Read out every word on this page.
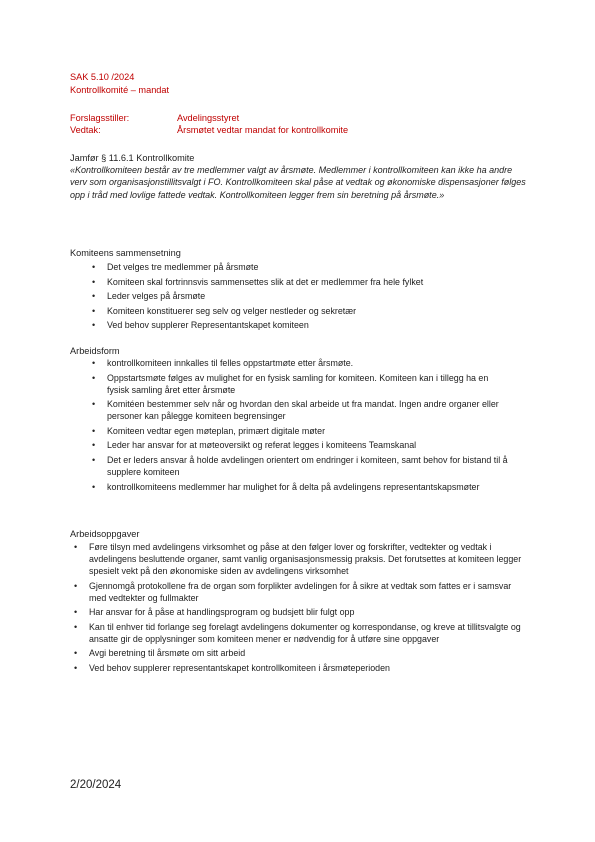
SAK 5.10 /2024
Kontrollkomité – mandat
Forslagsstiller:	Avdelingsstyret
Vedtak:	Årsmøtet vedtar mandat for kontrollkomite
Jamfør § 11.6.1 Kontrollkomite
«Kontrollkomiteen består av tre medlemmer valgt av årsmøte. Medlemmer i kontrollkomiteen kan ikke ha andre verv som organisasjonstillitsvalgt i FO. Kontrollkomiteen skal påse at vedtak og økonomiske dispensasjoner følges opp i tråd med lovlige fattede vedtak. Kontrollkomiteen legger frem sin beretning på årsmøte.»
Komiteens sammensetning
• Det velges tre medlemmer på årsmøte
• Komiteen skal fortrinnsvis sammensettes slik at det er medlemmer fra hele fylket
• Leder velges på årsmøte
• Komiteen konstituerer seg selv og velger nestleder og sekretær
• Ved behov supplerer Representantskapet komiteen
Arbeidsform
• kontrollkomiteen innkalles til felles oppstartmøte etter årsmøte.
• Oppstartsmøte følges av mulighet for en fysisk samling for komiteen. Komiteen kan i tillegg ha en fysisk samling året etter årsmøte
• Komitéen bestemmer selv når og hvordan den skal arbeide ut fra mandat. Ingen andre organer eller personer kan pålegge komiteen begrensinger
• Komiteen vedtar egen møteplan, primært digitale møter
• Leder har ansvar for at møteoversikt og referat legges i komiteens Teamskanal
• Det er leders ansvar å holde avdelingen orientert om endringer i komiteen, samt behov for bistand til å supplere komiteen
• kontrollkomiteens medlemmer har mulighet for å delta på avdelingens representantskapsmøter
Arbeidsoppgaver
• Føre tilsyn med avdelingens virksomhet og påse at den følger lover og forskrifter, vedtekter og vedtak i avdelingens besluttende organer, samt vanlig organisasjonsmessig praksis. Det forutsettes at komiteen legger spesielt vekt på den økonomiske siden av avdelingens virksomhet
• Gjennomgå protokollene fra de organ som forplikter avdelingen for å sikre at vedtak som fattes er i samsvar med vedtekter og fullmakter
• Har ansvar for å påse at handlingsprogram og budsjett blir fulgt opp
• Kan til enhver tid forlange seg forelagt avdelingens dokumenter og korrespondanse, og kreve at tillitsvalgte og ansatte gir de opplysninger som komiteen mener er nødvendig for å utføre sine oppgaver
• Avgi beretning til årsmøte om sitt arbeid
• Ved behov supplerer representantskapet kontrollkomiteen i årsmøteperioden
2/20/2024
